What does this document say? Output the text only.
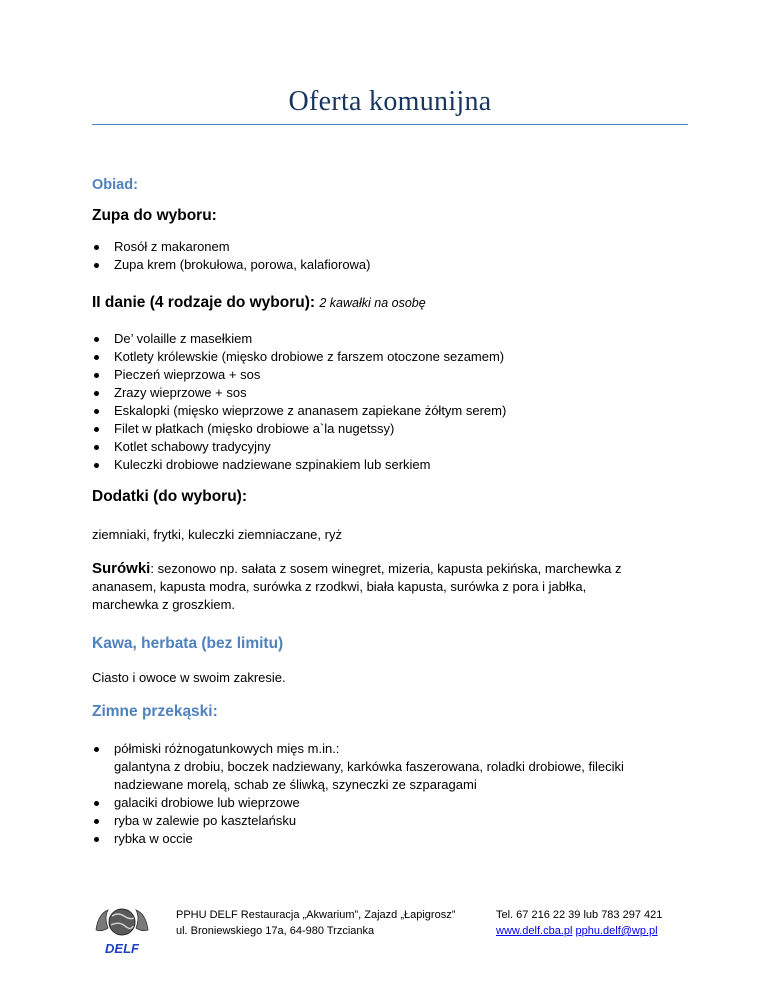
Oferta komunijna
Obiad:
Zupa do wyboru:
Rosół z makaronem
Zupa krem (brokułowa, porowa, kalafiorowa)
II danie (4 rodzaje do wyboru): 2 kawałki na osobę
De’ volaille z masełkiem
Kotlety królewskie (mięsko drobiowe z farszem otoczone sezamem)
Pieczeń wieprzowa + sos
Zrazy wieprzowe + sos
Eskalopki (mięsko wieprzowe z ananasem zapiekane żółtym serem)
Filet w płatkach (mięsko drobiowe a`la nugetssy)
Kotlet schabowy tradycyjny
Kuleczki drobiowe nadziewane szpinakiem lub serkiem
Dodatki (do wyboru):
ziemniaki, frytki, kuleczki ziemniaczane, ryż
Surówki: sezonowo np. sałata z sosem winegret, mizeria, kapusta pekińska, marchewka z
ananasem, kapusta modra, surówka z rzodkwi, biała kapusta, surówka z pora i jabłka,
marchewka z groszkiem.
Kawa, herbata (bez limitu)
Ciasto i owoce w swoim zakresie.
Zimne przekąski:
półmiski różnogatunkowych mięs m.in.:
galantyna z drobiu, boczek nadziewany, karkówka faszerowana, roladki drobiowe, fileciki
nadziewane morelą, schab ze śliwką, szyneczki ze szparagami
galaciki drobiowe lub wieprzowe
ryba w zalewie po kasztelańsku
rybka w occie
DELF
PPHU DELF Restauracja „Akwarium”, Zajazd „Łapigrosz”
ul. Broniewskiego 17a, 64-980 Trzcianka
Tel. 67 216 22 39 lub 783 297 421
www.delf.cba.pl pphu.delf@wp.pl
